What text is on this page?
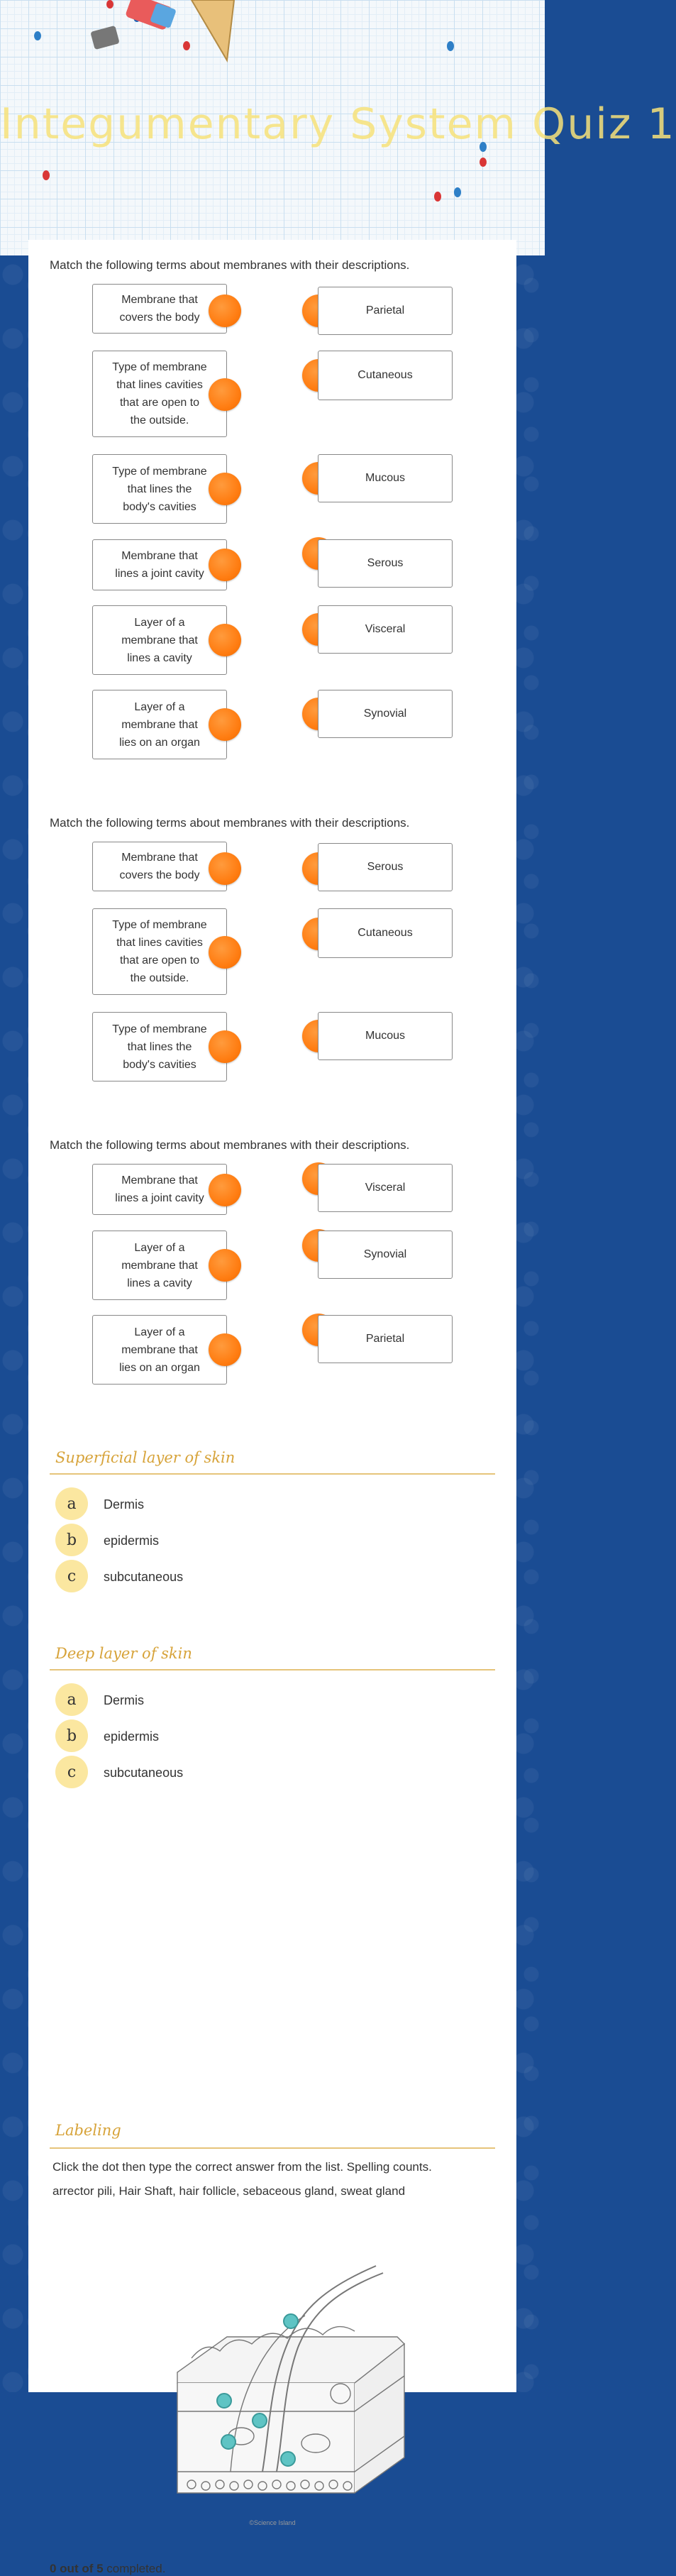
Integumentary System Quiz 1
Match the following terms about membranes with their descriptions.
Membrane that
covers the body
Type of membrane
that lines cavities
that are open to
the outside.
Type of membrane
that lines the
body's cavities
Membrane that
lines a joint cavity
Layer of a
membrane that
lines a cavity
Layer of a
membrane that
lies on an organ
Parietal
Cutaneous
Mucous
Serous
Visceral
Synovial
Match the following terms about membranes with their descriptions.
Membrane that
covers the body
Type of membrane
that lines cavities
that are open to
the outside.
Type of membrane
that lines the
body's cavities
Serous
Cutaneous
Mucous
Match the following terms about membranes with their descriptions.
Membrane that
lines a joint cavity
Layer of a
membrane that
lines a cavity
Layer of a
membrane that
lies on an organ
Visceral
Synovial
Parietal
Superficial layer of skin
a	Dermis
b	epidermis
c	subcutaneous
Deep layer of skin
a	Dermis
b	epidermis
c	subcutaneous
Labeling
Click the dot then type the correct answer from the list. Spelling counts.
arrector pili, Hair Shaft, hair follicle, sebaceous gland, sweat gland
©Science Island
0 out of 5 completed.
